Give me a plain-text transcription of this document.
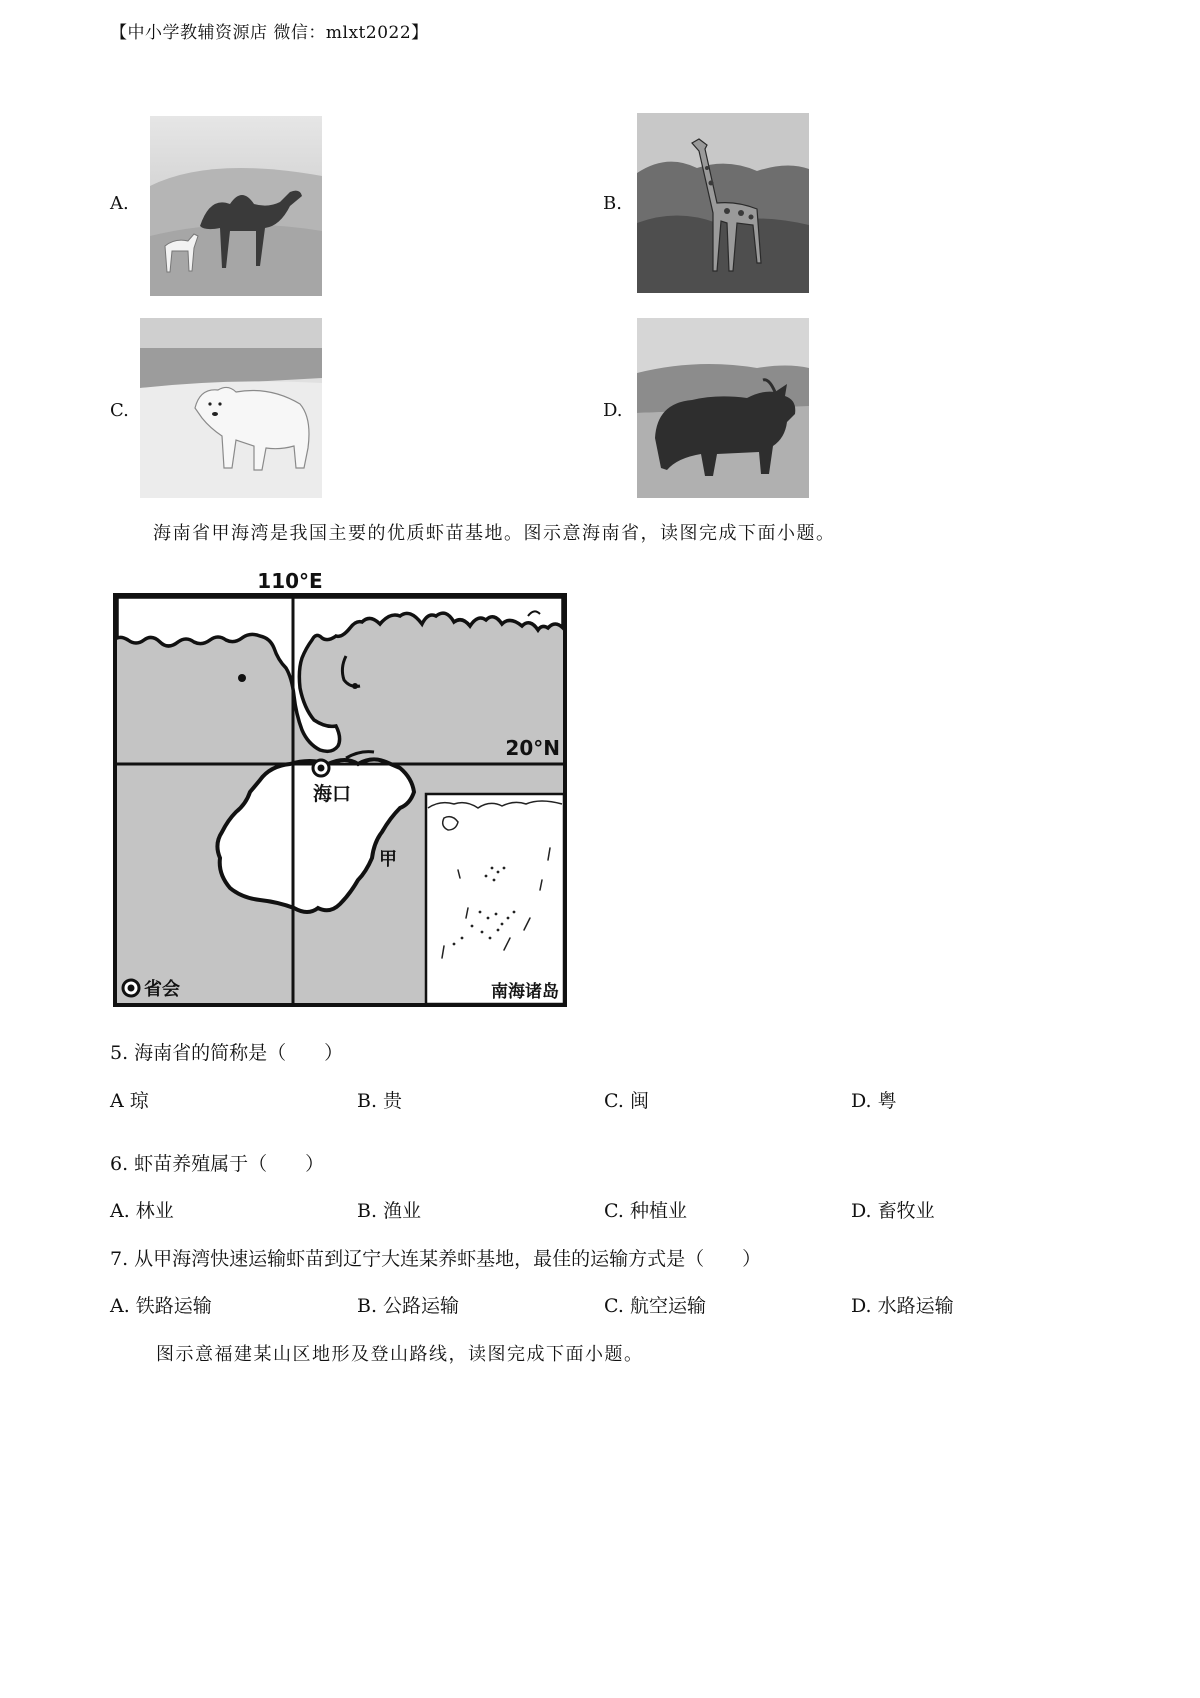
【中小学教辅资源店 微信：mlxt2022】
A.	B.
C.	D.
海南省甲海湾是我国主要的优质虾苗基地。图示意海南省，读图完成下面小题。
110°E
20°N
海口
甲
省会	南海诸岛
5. 海南省的简称是（　　）
A 琼	B. 贵	C. 闽	D. 粤
6. 虾苗养殖属于（　　）
A. 林业	B. 渔业	C. 种植业	D. 畜牧业
7. 从甲海湾快速运输虾苗到辽宁大连某养虾基地，最佳的运输方式是（　　）
A. 铁路运输	B. 公路运输	C. 航空运输	D. 水路运输
图示意福建某山区地形及登山路线，读图完成下面小题。
